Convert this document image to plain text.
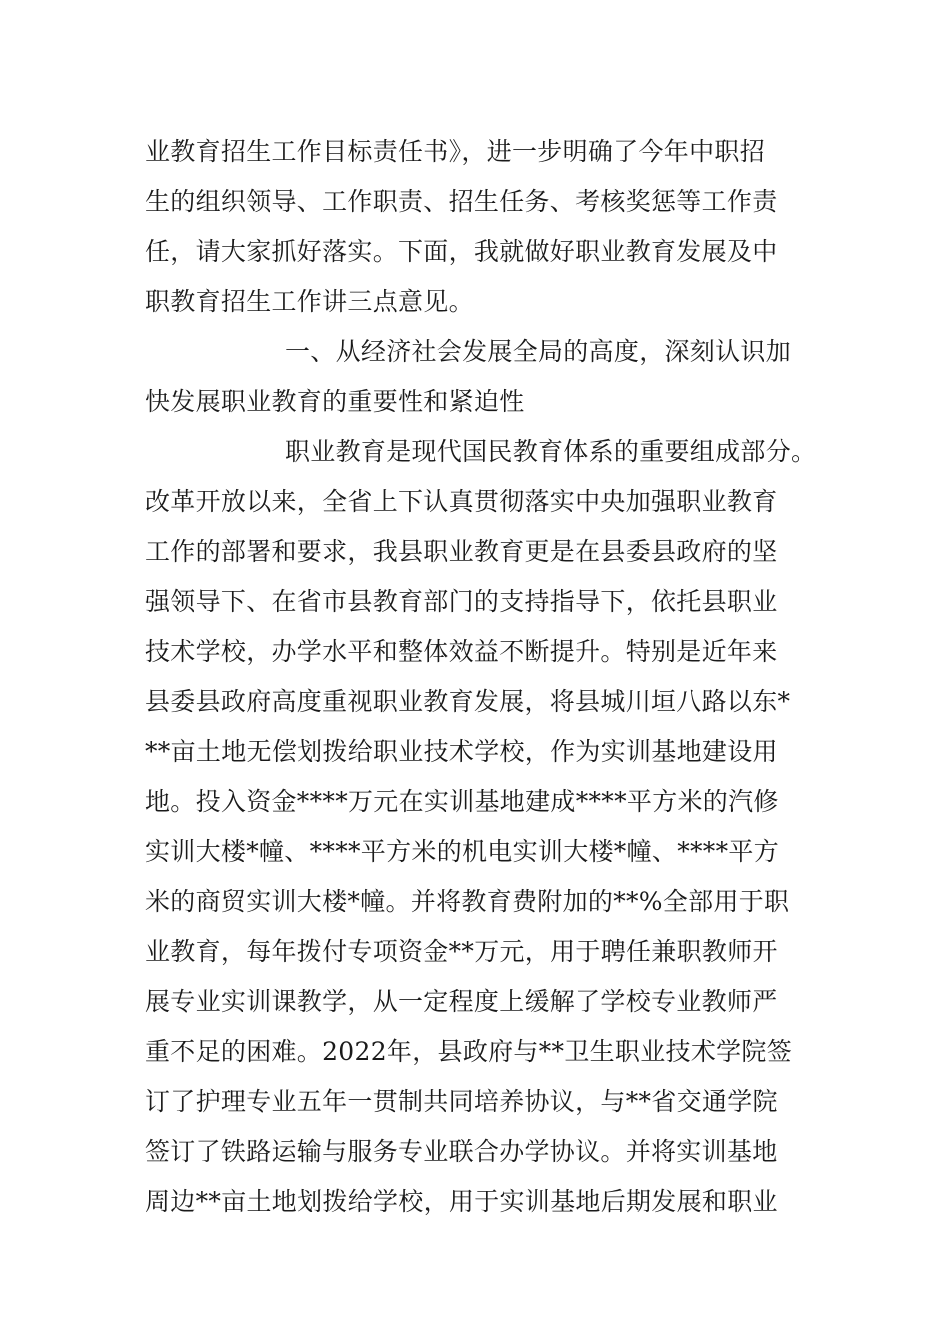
业教育招生工作目标责任书》，进一步明确了今年中职招
生的组织领导、工作职责、招生任务、考核奖惩等工作责
任，请大家抓好落实。下面，我就做好职业教育发展及中
职教育招生工作讲三点意见。
一、从经济社会发展全局的高度，深刻认识加
快发展职业教育的重要性和紧迫性
职业教育是现代国民教育体系的重要组成部分。
改革开放以来，全省上下认真贯彻落实中央加强职业教育
工作的部署和要求，我县职业教育更是在县委县政府的坚
强领导下、在省市县教育部门的支持指导下，依托县职业
技术学校，办学水平和整体效益不断提升。特别是近年来
县委县政府高度重视职业教育发展，将县城川垣八路以东*
**亩土地无偿划拨给职业技术学校，作为实训基地建设用
地。投入资金****万元在实训基地建成****平方米的汽修
实训大楼*幢、****平方米的机电实训大楼*幢、****平方
米的商贸实训大楼*幢。并将教育费附加的**%全部用于职
业教育，每年拨付专项资金**万元，用于聘任兼职教师开
展专业实训课教学，从一定程度上缓解了学校专业教师严
重不足的困难。2022年，县政府与**卫生职业技术学院签
订了护理专业五年一贯制共同培养协议，与**省交通学院
签订了铁路运输与服务专业联合办学协议。并将实训基地
周边**亩土地划拨给学校，用于实训基地后期发展和职业
